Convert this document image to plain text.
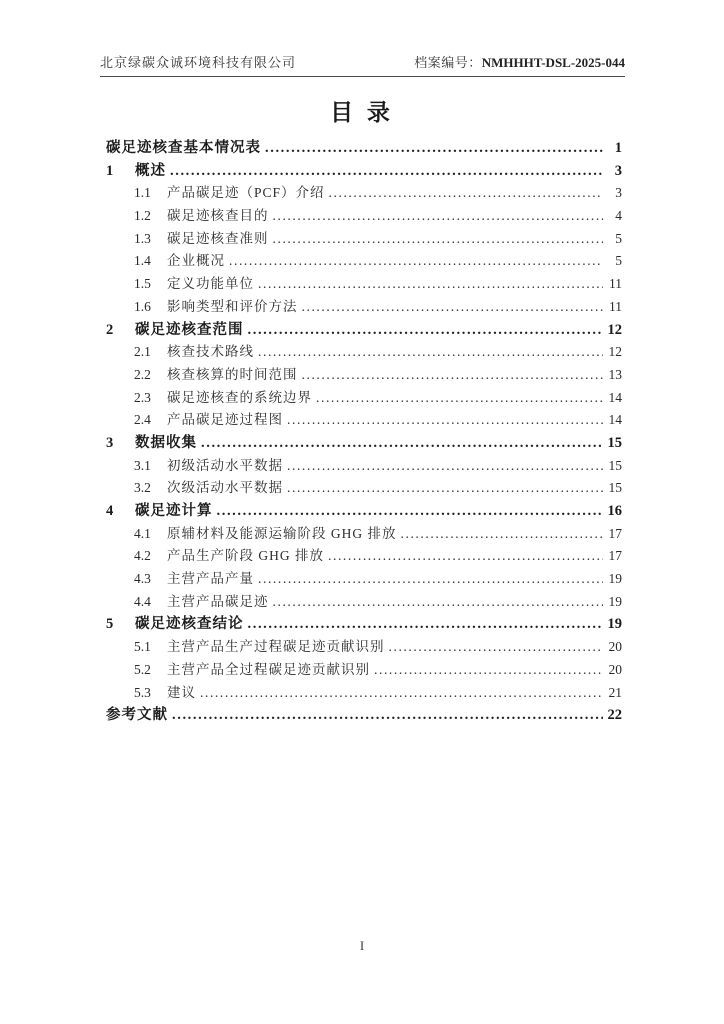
北京绿碳众诚环境科技有限公司	档案编号：NMHHHT-DSL-2025-044
目 录
碳足迹核查基本情况表 .....	1
1	概述 .....	3
1.1	产品碳足迹（PCF）介绍 .....	3
1.2	碳足迹核查目的 .....	4
1.3	碳足迹核查准则 .....	5
1.4	企业概况 .....	5
1.5	定义功能单位 .....	11
1.6	影响类型和评价方法 .....	11
2	碳足迹核查范围 .....	12
2.1	核查技术路线 .....	12
2.2	核查核算的时间范围 .....	13
2.3	碳足迹核查的系统边界 .....	14
2.4	产品碳足迹过程图 .....	14
3	数据收集 .....	15
3.1	初级活动水平数据 .....	15
3.2	次级活动水平数据 .....	15
4	碳足迹计算 .....	16
4.1	原辅材料及能源运输阶段 GHG 排放 .....	17
4.2	产品生产阶段 GHG 排放 .....	17
4.3	主营产品产量 .....	19
4.4	主营产品碳足迹 .....	19
5	碳足迹核查结论 .....	19
5.1	主营产品生产过程碳足迹贡献识别 .....	20
5.2	主营产品全过程碳足迹贡献识别 .....	20
5.3	建议 .....	21
参考文献 .....	22
I
